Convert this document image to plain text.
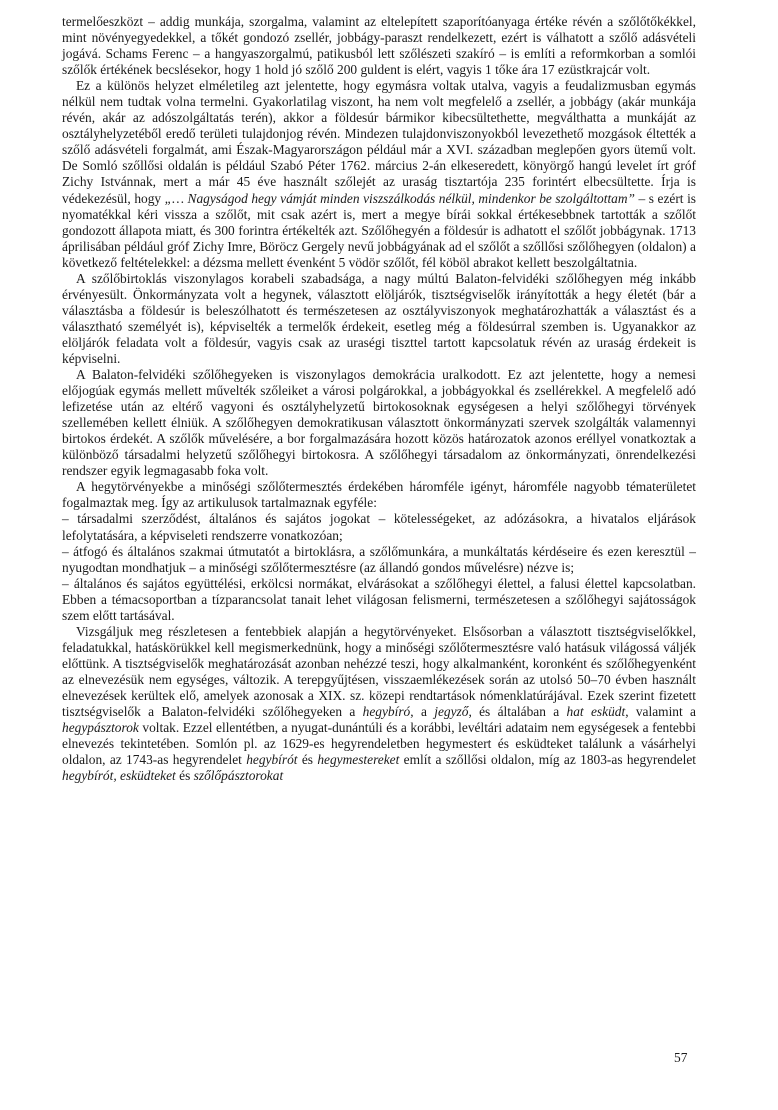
termelőeszközt – addig munkája, szorgalma, valamint az eltelepített szaporítóanyaga értéke révén a szőlőtőkékkel, mint növényegyedekkel, a tőkét gondozó zsellér, jobbágy-paraszt rendelkezett, ezért is válhatott a szőlő adásvételi jogává. Schams Ferenc – a hangyaszorgalmú, patikusból lett szőlészeti szakíró – is említi a reformkorban a somlói szőlők értékének becslésekor, hogy 1 hold jó szőlő 200 guldent is elért, vagyis 1 tőke ára 17 ezüstkrajcár volt.

Ez a különös helyzet elméletileg azt jelentette, hogy egymásra voltak utalva, vagyis a feudalizmusban egymás nélkül nem tudtak volna termelni. Gyakorlatilag viszont, ha nem volt megfelelő a zsellér, a jobbágy (akár munkája révén, akár az adószolgáltatás terén), akkor a földesúr bármikor kibecsültethette, megválthatta a munkáját az osztályhelyzetéből eredő területi tulajdonjog révén. Mindezen tulajdonviszonyokból levezethető mozgások éltették a szőlő adásvételi forgalmát, ami Észak-Magyarországon például már a XVI. században meglepően gyors ütemű volt. De Somló szőllősi oldalán is például Szabó Péter 1762. március 2-án elkeseredett, könyörgő hangú levelet írt gróf Zichy Istvánnak, mert a már 45 éve használt szőlejét az uraság tisztartója 235 forintért elbecsültette. Írja is védekezésül, hogy „… Nagyságod hegy vámját minden viszszálkodás nélkül, mindenkor be szolgáltottam” – s ezért is nyomatékkal kéri vissza a szőlőt, mit csak azért is, mert a megye bírái sokkal értékesebbnek tartották a szőlőt gondozott állapota miatt, és 300 forintra értékelték azt. Szőlőhegyén a földesúr is adhatott el szőlőt jobbágynak. 1713 áprilisában például gróf Zichy Imre, Böröcz Gergely nevű jobbágyának ad el szőlőt a szőllősi szőlőhegyen (oldalon) a következő feltételekkel: a dézsma mellett évenként 5 vödör szőlőt, fél köböl abrakot kellett beszolgáltatnia.

A szőlőbirtoklás viszonylagos korabeli szabadsága, a nagy múltú Balaton-felvidéki szőlőhegyen még inkább érvényesült. Önkormányzata volt a hegynek, választott elöljárók, tisztségviselők irányították a hegy életét (bár a választásba a földesúr is beleszólhatott és természetesen az osztályviszonyok meghatározhatták a választást és a választható személyét is), képviselték a termelők érdekeit, esetleg még a földesúrral szemben is. Ugyanakkor az elöljárók feladata volt a földesúr, vagyis csak az uraségi tiszttel tartott kapcsolatuk révén az uraság érdekeit is képviselni.

A Balaton-felvidéki szőlőhegyeken is viszonylagos demokrácia uralkodott. Ez azt jelentette, hogy a nemesi előjogúak egymás mellett művelték szőleiket a városi polgárokkal, a jobbágyokkal és zsellérekkel. A megfelelő adó lefizetése után az eltérő vagyoni és osztályhelyzetű birtokosoknak egységesen a helyi szőlőhegyi törvények szellemében kellett élniük. A szőlőhegyen demokratikusan választott önkormányzati szervek szolgálták valamennyi birtokos érdekét. A szőlők művelésére, a bor forgalmazására hozott közös határozatok azonos eréllyel vonatkoztak a különböző társadalmi helyzetű szőlőhegyi birtokosra. A szőlőhegyi társadalom az önkormányzati, önrendelkezési rendszer egyik legmagasabb foka volt.

A hegytörvényekbe a minőségi szőlőtermesztés érdekében háromféle igényt, háromféle nagyobb tématerületet fogalmaztak meg. Így az artikulusok tartalmaznak egyféle:

– társadalmi szerződést, általános és sajátos jogokat – kötelességeket, az adózásokra, a hivatalos eljárások lefolytatására, a képviseleti rendszerre vonatkozóan;

– átfogó és általános szakmai útmutatót a birtoklásra, a szőlőmunkára, a munkáltatás kérdéseire és ezen keresztül – nyugodtan mondhatjuk – a minőségi szőlőtermesztésre (az állandó gondos művelésre) nézve is;

– általános és sajátos együttélési, erkölcsi normákat, elvárásokat a szőlőhegyi élettel, a falusi élettel kapcsolatban. Ebben a témacsoportban a tízparancsolat tanait lehet világosan felismerni, természetesen a szőlőhegyi sajátosságok szem előtt tartásával.

Vizsgáljuk meg részletesen a fentebbiek alapján a hegytörvényeket. Elsősorban a választott tisztségviselőkkel, feladatukkal, hatáskörükkel kell megismerkednünk, hogy a minőségi szőlőtermesztésre való hatásuk világossá váljék előttünk. A tisztségviselők meghatározását azonban nehézzé teszi, hogy alkalmanként, koronként és szőlőhegyenként az elnevezésük nem egységes, változik. A terepgyűjtésen, visszaemlékezések során az utolsó 50–70 évben használt elnevezések kerültek elő, amelyek azonosak a XIX. sz. közepi rendtartások nómenklatúrájával. Ezek szerint fizetett tisztségviselők a Balaton-felvidéki szőlőhegyeken a hegybíró, a jegyző, és általában a hat esküdt, valamint a hegypásztorok voltak. Ezzel ellentétben, a nyugat-dunántúli és a korábbi, levéltári adataim nem egységesek a fentebbi elnevezés tekintetében. Somlón pl. az 1629-es hegyrendeletben hegymestert és esküdteket találunk a vásárhelyi oldalon, az 1743-as hegyrendelet hegybírót és hegymestereket említ a szőllősi oldalon, míg az 1803-as hegyrendelet hegybírót, esküdteket és szőlőpásztorokat

57
